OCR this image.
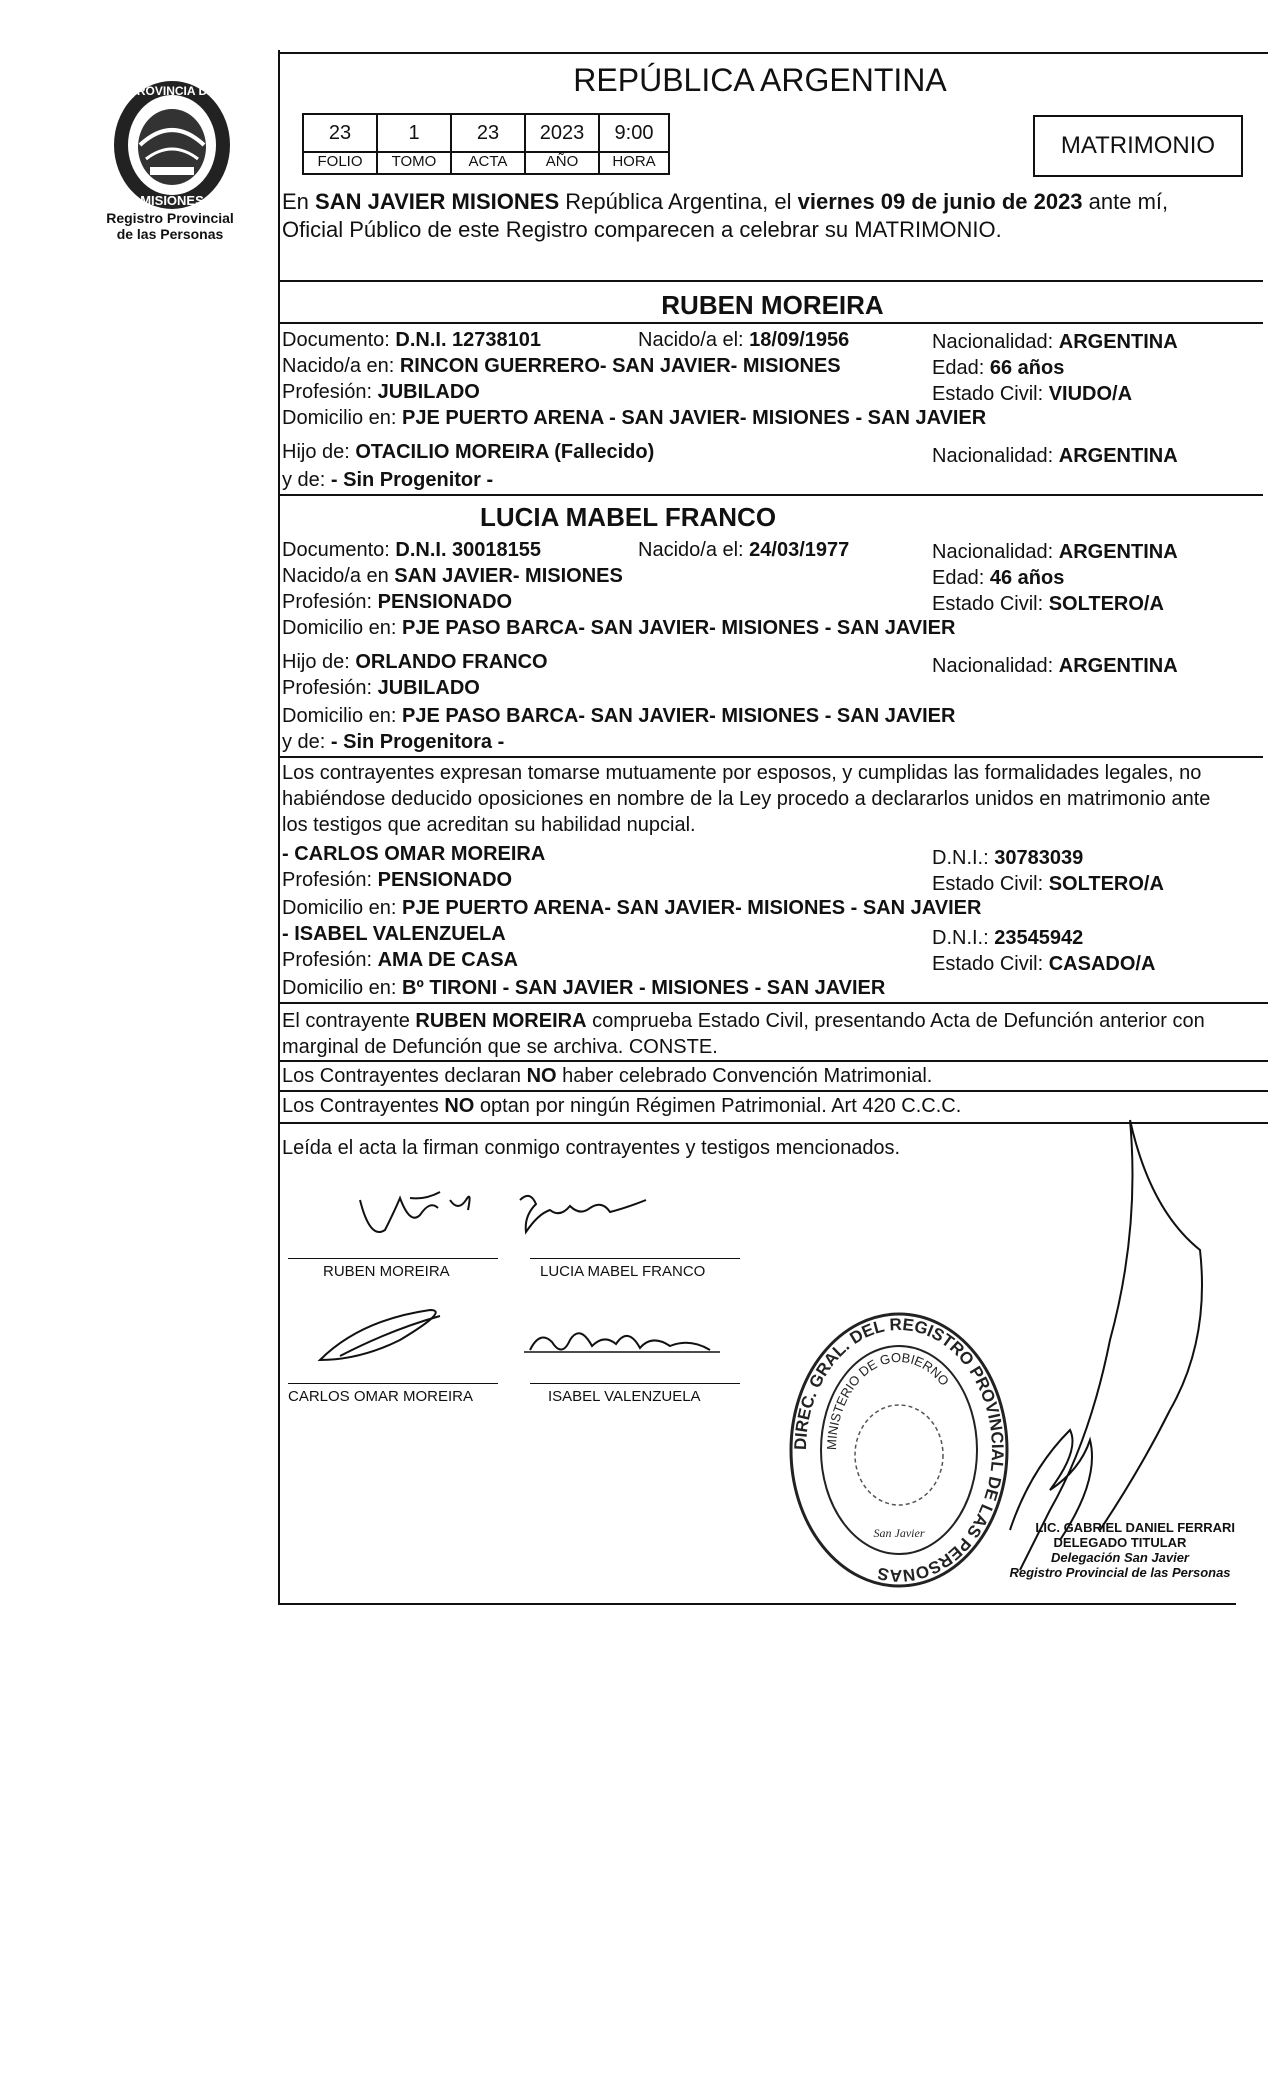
PROVINCIA DE
MISIONES
Registro Provincial
de las Personas
REPÚBLICA ARGENTINA
23	1	23	2023	9:00
FOLIO	TOMO	ACTA	AÑO	HORA
MATRIMONIO
En SAN JAVIER MISIONES República Argentina, el viernes 09 de junio de 2023 ante mí,
Oficial Público de este Registro comparecen a celebrar su MATRIMONIO.
RUBEN MOREIRA
Documento: D.N.I. 12738101	Nacido/a el: 18/09/1956	Nacionalidad: ARGENTINA
Nacido/a en: RINCON GUERRERO- SAN JAVIER- MISIONES	Edad: 66 años
Profesión: JUBILADO	Estado Civil: VIUDO/A
Domicilio en: PJE PUERTO ARENA - SAN JAVIER- MISIONES - SAN JAVIER
Hijo de: OTACILIO MOREIRA (Fallecido)	Nacionalidad: ARGENTINA
y de: - Sin Progenitor -
LUCIA MABEL FRANCO
Documento: D.N.I. 30018155	Nacido/a el: 24/03/1977	Nacionalidad: ARGENTINA
Nacido/a en SAN JAVIER- MISIONES	Edad: 46 años
Profesión: PENSIONADO	Estado Civil: SOLTERO/A
Domicilio en: PJE PASO BARCA- SAN JAVIER- MISIONES - SAN JAVIER
Hijo de: ORLANDO FRANCO	Nacionalidad: ARGENTINA
Profesión: JUBILADO
Domicilio en: PJE PASO BARCA- SAN JAVIER- MISIONES - SAN JAVIER
y de: - Sin Progenitora -
Los contrayentes expresan tomarse mutuamente por esposos, y cumplidas las formalidades legales, no
habiéndose deducido oposiciones en nombre de la Ley procedo a declararlos unidos en matrimonio ante
los testigos que acreditan su habilidad nupcial.
- CARLOS OMAR MOREIRA	D.N.I.: 30783039
Profesión: PENSIONADO	Estado Civil: SOLTERO/A
Domicilio en: PJE PUERTO ARENA- SAN JAVIER- MISIONES - SAN JAVIER
- ISABEL VALENZUELA	D.N.I.: 23545942
Profesión: AMA DE CASA	Estado Civil: CASADO/A
Domicilio en: Bº TIRONI - SAN JAVIER - MISIONES - SAN JAVIER
El contrayente RUBEN MOREIRA comprueba Estado Civil, presentando Acta de Defunción anterior con
marginal de Defunción que se archiva. CONSTE.
Los Contrayentes declaran NO haber celebrado Convención Matrimonial.
Los Contrayentes NO optan por ningún Régimen Patrimonial. Art 420 C.C.C.
Leída el acta la firman conmigo contrayentes y testigos mencionados.
RUBEN MOREIRA	LUCIA MABEL FRANCO
CARLOS OMAR MOREIRA	ISABEL VALENZUELA
DIREC. GRAL. DEL REGISTRO PROVINCIAL DE LAS PERSONAS
MINISTERIO DE GOBIERNO
San Javier	LIC. GABRIEL DANIEL FERRARI
DELEGADO TITULAR
Delegación San Javier
Registro Provincial de las Personas
